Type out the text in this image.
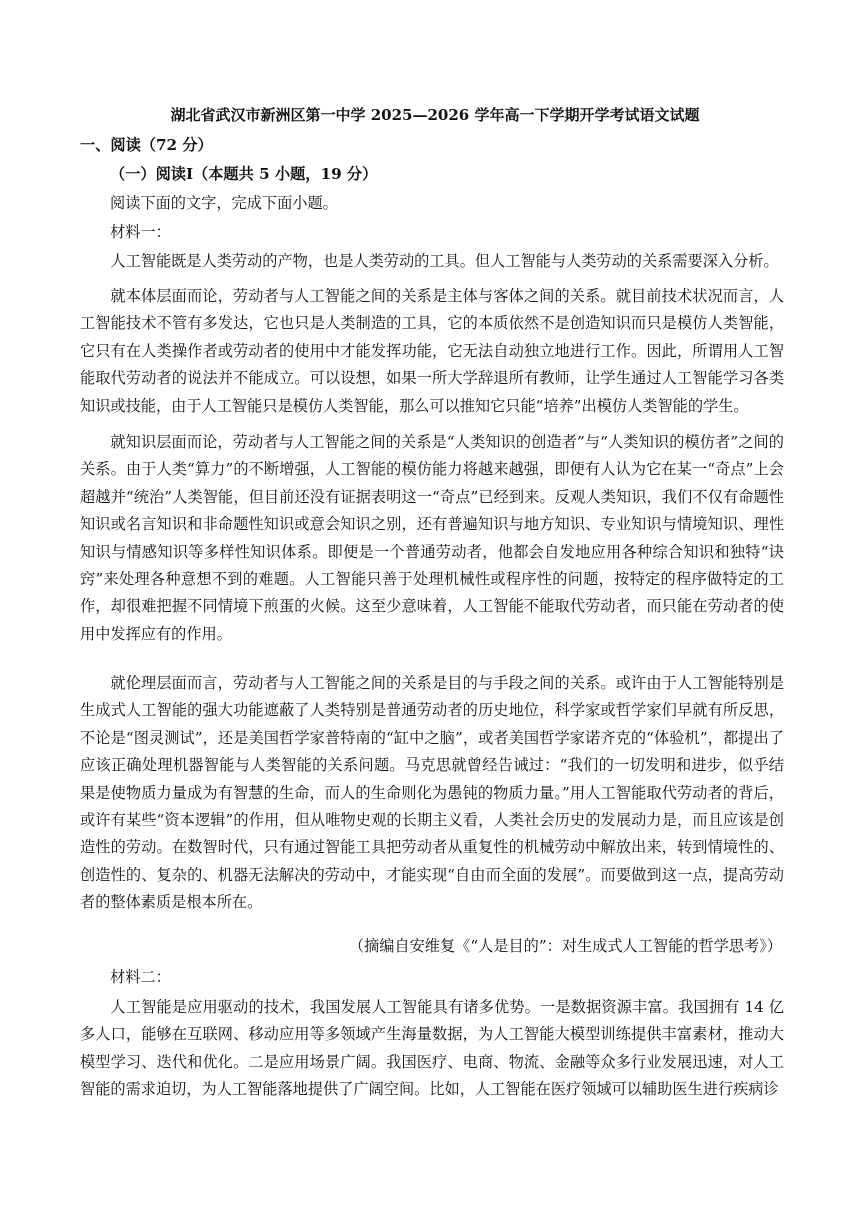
湖北省武汉市新洲区第一中学 2025—2026 学年高一下学期开学考试语文试题
一、阅读（72 分）
（一）阅读Ⅰ（本题共 5 小题，19 分）
阅读下面的文字，完成下面小题。
材料一：

人工智能既是人类劳动的产物，也是人类劳动的工具。但人工智能与人类劳动的关系需要深入分析。

就本体层面而论，劳动者与人工智能之间的关系是主体与客体之间的关系。就目前技术状况而言，人工智能技术不管有多发达，它也只是人类制造的工具，它的本质依然不是创造知识而只是模仿人类智能，它只有在人类操作者或劳动者的使用中才能发挥功能，它无法自动独立地进行工作。因此，所谓用人工智能取代劳动者的说法并不能成立。可以设想，如果一所大学辞退所有教师，让学生通过人工智能学习各类知识或技能，由于人工智能只是模仿人类智能，那么可以推知它只能“培养”出模仿人类智能的学生。

就知识层面而论，劳动者与人工智能之间的关系是“人类知识的创造者”与“人类知识的模仿者”之间的关系。由于人类“算力”的不断增强，人工智能的模仿能力将越来越强，即便有人认为它在某一“奇点”上会超越并“统治”人类智能，但目前还没有证据表明这一“奇点”已经到来。反观人类知识，我们不仅有命题性知识或名言知识和非命题性知识或意会知识之别，还有普遍知识与地方知识、专业知识与情境知识、理性知识与情感知识等多样性知识体系。即便是一个普通劳动者，他都会自发地应用各种综合知识和独特“诀窍”来处理各种意想不到的难题。人工智能只善于处理机械性或程序性的问题，按特定的程序做特定的工作，却很难把握不同情境下煎蛋的火候。这至少意味着，人工智能不能取代劳动者，而只能在劳动者的使用中发挥应有的作用。

就伦理层面而言，劳动者与人工智能之间的关系是目的与手段之间的关系。或许由于人工智能特别是生成式人工智能的强大功能遮蔽了人类特别是普通劳动者的历史地位，科学家或哲学家们早就有所反思，不论是“图灵测试”，还是美国哲学家普特南的“缸中之脑”，或者美国哲学家诺齐克的“体验机”，都提出了应该正确处理机器智能与人类智能的关系问题。马克思就曾经告诫过：“我们的一切发明和进步，似乎结果是使物质力量成为有智慧的生命，而人的生命则化为愚钝的物质力量。”用人工智能取代劳动者的背后，或许有某些“资本逻辑”的作用，但从唯物史观的长期主义看，人类社会历史的发展动力是，而且应该是创造性的劳动。在数智时代，只有通过智能工具把劳动者从重复性的机械劳动中解放出来，转到情境性的、创造性的、复杂的、机器无法解决的劳动中，才能实现“自由而全面的发展”。而要做到这一点，提高劳动者的整体素质是根本所在。

（摘编自安维复《“人是目的”：对生成式人工智能的哲学思考》）
材料二：

人工智能是应用驱动的技术，我国发展人工智能具有诸多优势。一是数据资源丰富。我国拥有 14 亿多人口，能够在互联网、移动应用等多领域产生海量数据，为人工智能大模型训练提供丰富素材，推动大模型学习、迭代和优化。二是应用场景广阔。我国医疗、电商、物流、金融等众多行业发展迅速，对人工智能的需求迫切，为人工智能落地提供了广阔空间。比如，人工智能在医疗领域可以辅助医生进行疾病诊
